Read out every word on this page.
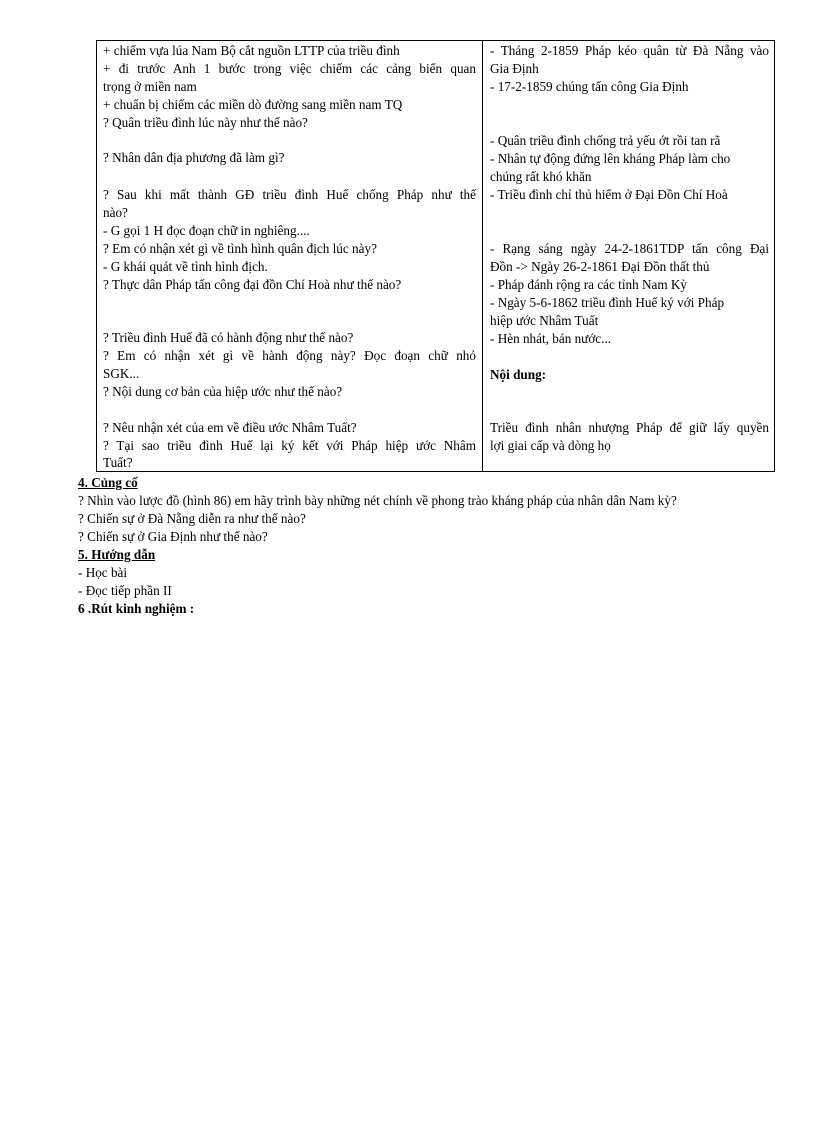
+ chiếm vựa lúa Nam Bộ cắt nguồn LTTP của triều đình
+ đi trước Anh 1 bước trong việc chiếm các cảng biển quan
trọng ở miền nam
+ chuẩn bị chiếm các miền dò đường sang miền nam TQ
? Quân triều đình lúc này như thế nào?
? Nhân dân địa phương đã làm gì?
? Sau khi mất thành GĐ triều đình Huế chống Pháp như thế
nào?
- G gọi 1 H đọc đoạn chữ in nghiêng....
? Em có nhận xét gì về tình hình quân địch lúc này?
- G khái quát về tình hình địch.
? Thực dân Pháp tấn công đại đồn Chí Hoà như thế nào?
? Triều đình Huế đã có hành động như thế nào?
? Em có nhận xét gì về hành động này? Đọc đoạn chữ nhỏ
SGK...
? Nội dung cơ bản của hiệp ước như thế nào?
? Nêu nhận xét của em về điều ước Nhâm Tuất?
? Tại sao triều đình Huế lại ký kết với Pháp hiệp ước Nhâm
Tuất?
- Tháng 2-1859 Pháp kéo quân từ Đà Nẵng vào
Gia Định
- 17-2-1859 chúng tấn công Gia Định
- Quân triều đình chống trả yếu ớt rồi tan rã
- Nhân tự động đứng lên kháng Pháp làm cho
chúng rất khó khăn
- Triều đình chỉ thủ hiểm ở Đại Đồn Chí Hoà
- Rạng sáng ngày 24-2-1861TDP tấn công Đại
Đồn -> Ngày 26-2-1861 Đại Đồn thất thủ
- Pháp đánh rộng ra các tỉnh Nam Kỳ
- Ngày 5-6-1862 triều đình Huế ký với Pháp
hiệp ước Nhâm Tuất
- Hèn nhát, bán nước...
Nội dung:
Triều đình nhân nhượng Pháp để giữ lấy quyền
lợi giai cấp và dòng họ
4. Củng cố
? Nhìn vào lược đồ (hình 86) em hãy trình bày những nét chính về phong trào kháng pháp của nhân dân Nam kỳ?
? Chiến sự ở Đà Nẵng diễn ra như thế nào?
? Chiến sự ở Gia Định như thế nào?
5. Hướng dẫn
- Học bài
- Đọc tiếp phần II
6 .Rút kinh nghiệm :
